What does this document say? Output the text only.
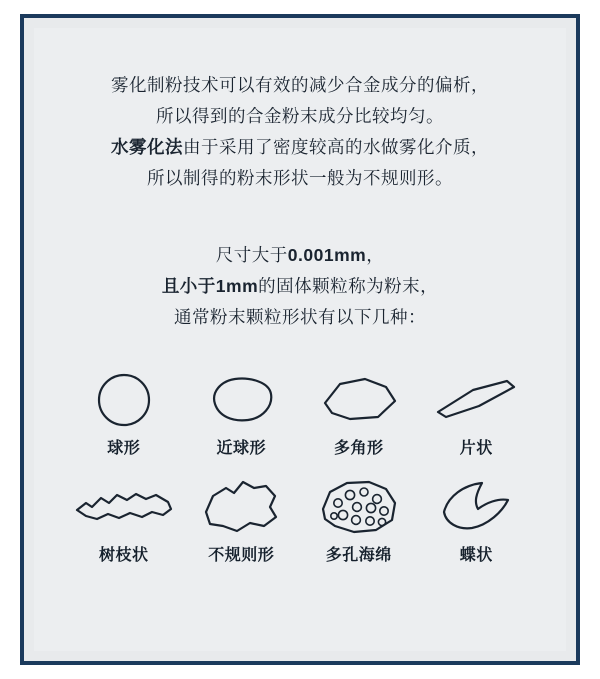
雾化制粉技术可以有效的减少合金成分的偏析，
所以得到的合金粉末成分比较均匀。
水雾化法由于采用了密度较高的水做雾化介质，
所以制得的粉末形状一般为不规则形。
尺寸大于0.001mm，
且小于1mm的固体颗粒称为粉末，
通常粉末颗粒形状有以下几种：
球形	近球形	多角形	片状
树枝状	不规则形	多孔海绵	蝶状
